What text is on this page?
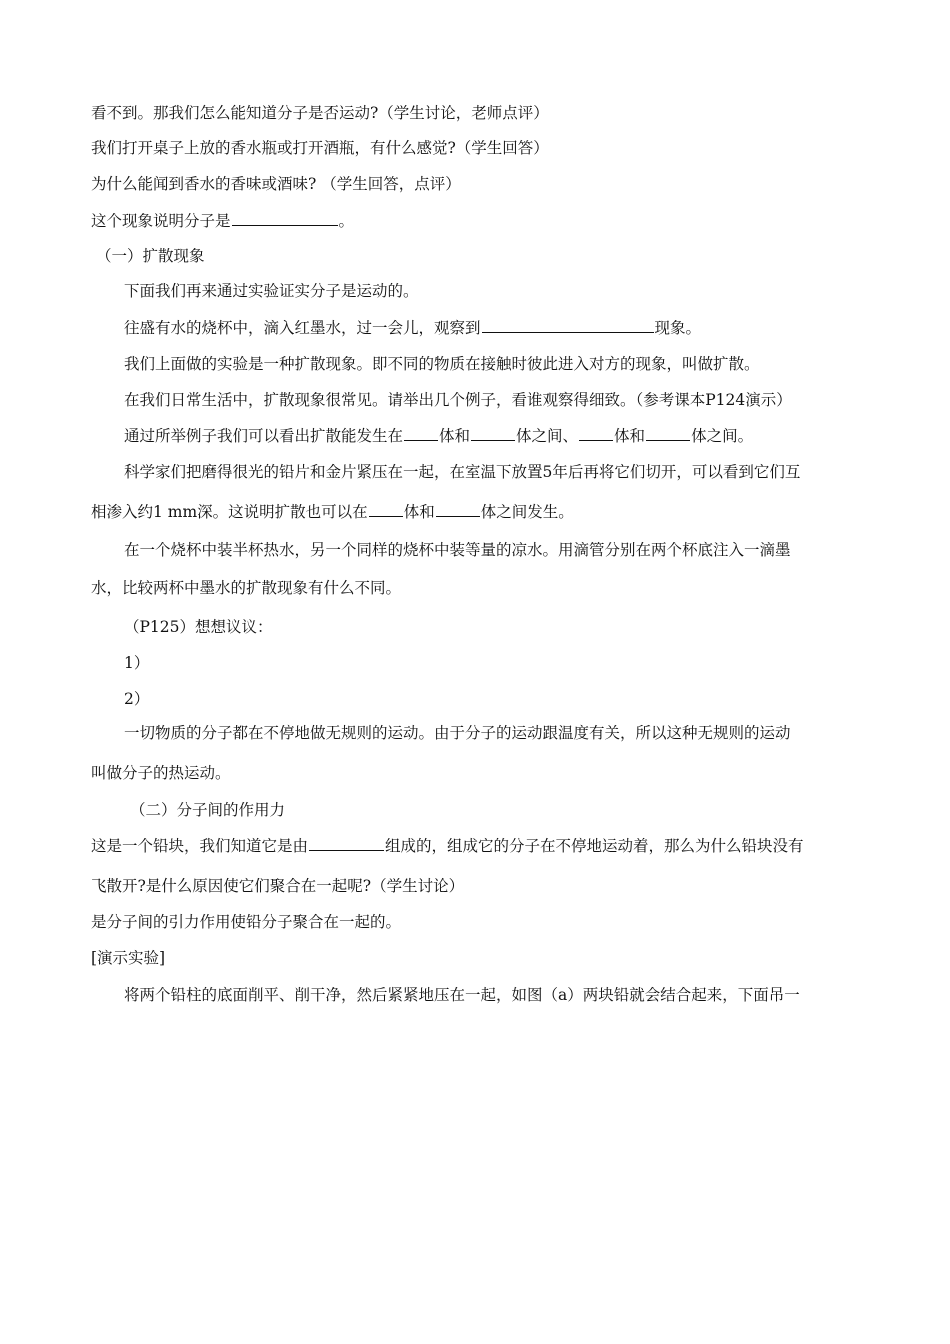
看不到。那我们怎么能知道分子是否运动?（学生讨论，老师点评）
我们打开桌子上放的香水瓶或打开酒瓶，有什么感觉?（学生回答）
为什么能闻到香水的香味或酒味? （学生回答，点评）
这个现象说明分子是	。
（一）扩散现象
下面我们再来通过实验证实分子是运动的。
往盛有水的烧杯中，滴入红墨水，过一会儿，观察到	现象。
我们上面做的实验是一种扩散现象。即不同的物质在接触时彼此进入对方的现象，叫做扩散。
在我们日常生活中，扩散现象很常见。请举出几个例子，看谁观察得细致。（参考课本P124演示）
通过所举例子我们可以看出扩散能发生在 体和	体之间、 体和	体之间。
科学家们把磨得很光的铅片和金片紧压在一起，在室温下放置5年后再将它们切开，可以看到它们互
相渗入约1 mm深。这说明扩散也可以在 体和	体之间发生。
在一个烧杯中装半杯热水，另一个同样的烧杯中装等量的凉水。用滴管分别在两个杯底注入一滴墨
水，比较两杯中墨水的扩散现象有什么不同。
（P125）想想议议：
1）
2）
一切物质的分子都在不停地做无规则的运动。由于分子的运动跟温度有关，所以这种无规则的运动
叫做分子的热运动。
（二）分子间的作用力
这是一个铅块，我们知道它是由	组成的，组成它的分子在不停地运动着，那么为什么铅块没有
飞散开?是什么原因使它们聚合在一起呢?（学生讨论）
是分子间的引力作用使铅分子聚合在一起的。
[演示实验]
将两个铅柱的底面削平、削干净，然后紧紧地压在一起，如图（a）两块铅就会结合起来，下面吊一
